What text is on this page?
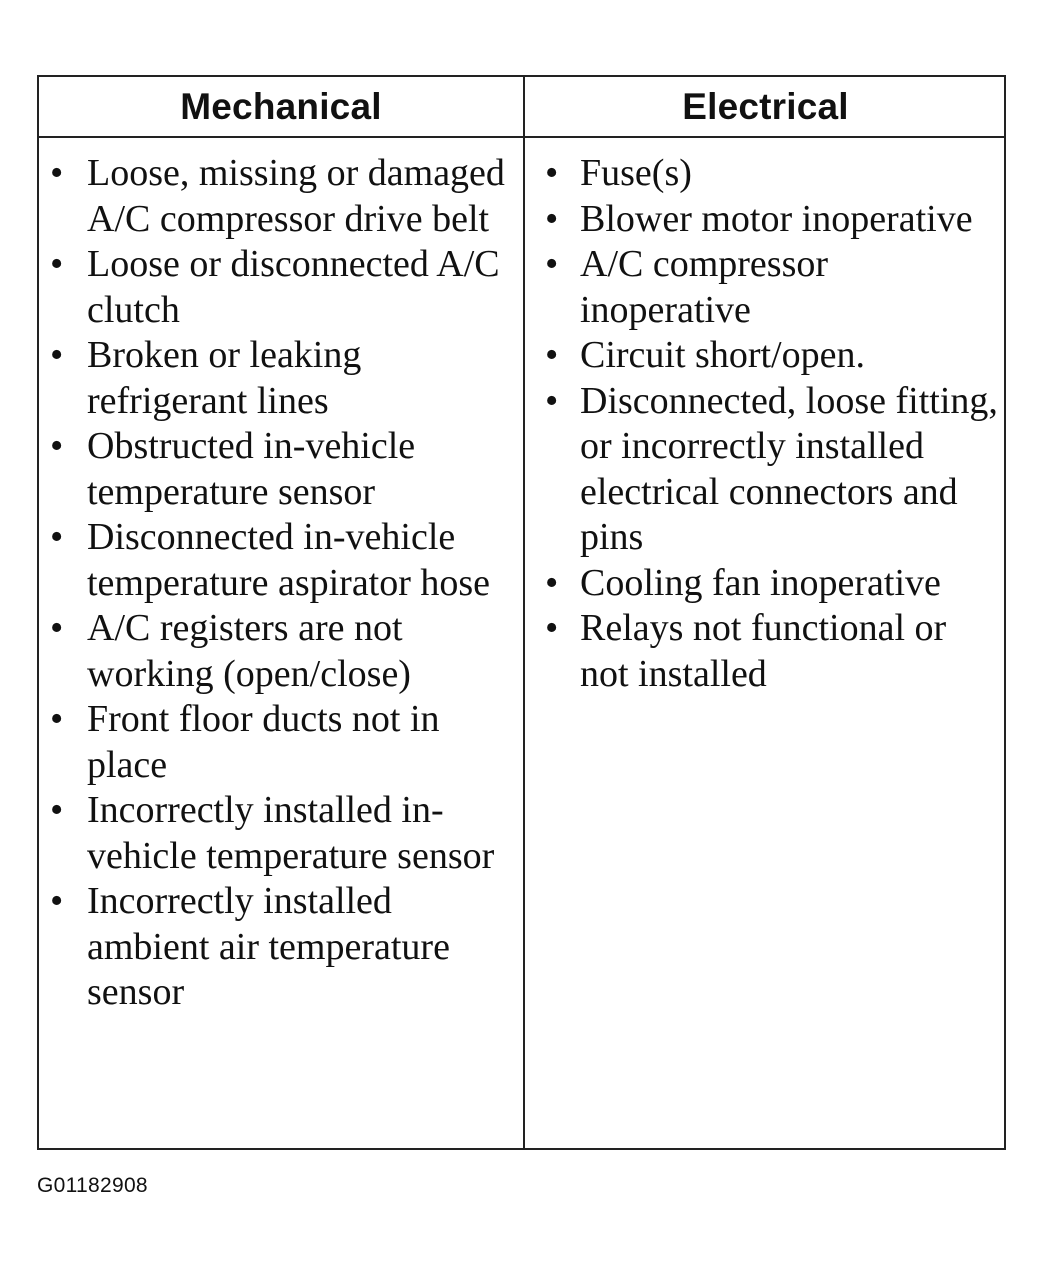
Mechanical	Electrical
• Loose, missing or damaged A/C compressor drive belt
• Loose or disconnected A/C clutch
• Broken or leaking refrigerant lines
• Obstructed in-vehicle temperature sensor
• Disconnected in-vehicle temperature aspirator hose
• A/C registers are not working (open/close)
• Front floor ducts not in place
• Incorrectly installed in-vehicle temperature sensor
• Incorrectly installed ambient air temperature sensor
• Fuse(s)
• Blower motor inoperative
• A/C compressor inoperative
• Circuit short/open.
• Disconnected, loose fitting, or incorrectly installed electrical connectors and pins
• Cooling fan inoperative
• Relays not functional or not installed
G01182908
